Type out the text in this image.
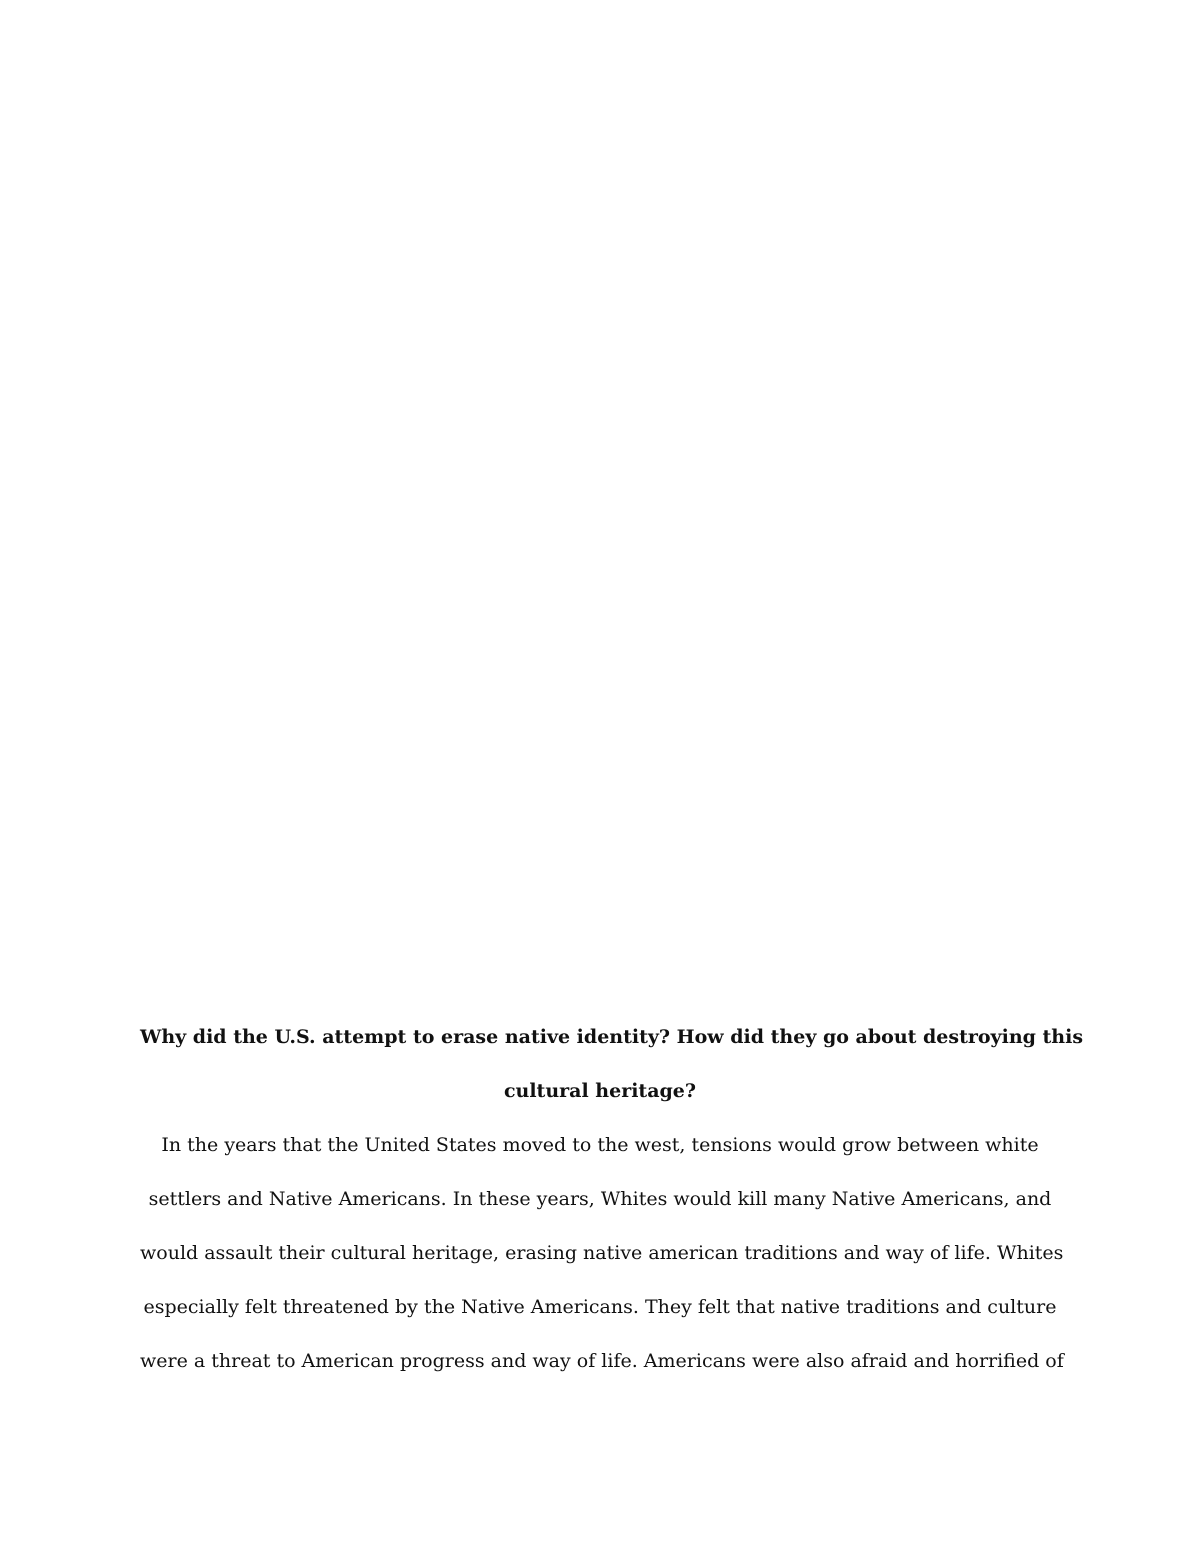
Why did the U.S. attempt to erase native identity? How did they go about destroying this
cultural heritage?
In the years that the United States moved to the west, tensions would grow between white
settlers and Native Americans. In these years, Whites would kill many Native Americans, and
would assault their cultural heritage, erasing native american traditions and way of life. Whites
especially felt threatened by the Native Americans. They felt that native traditions and culture
were a threat to American progress and way of life. Americans were also afraid and horrified of
